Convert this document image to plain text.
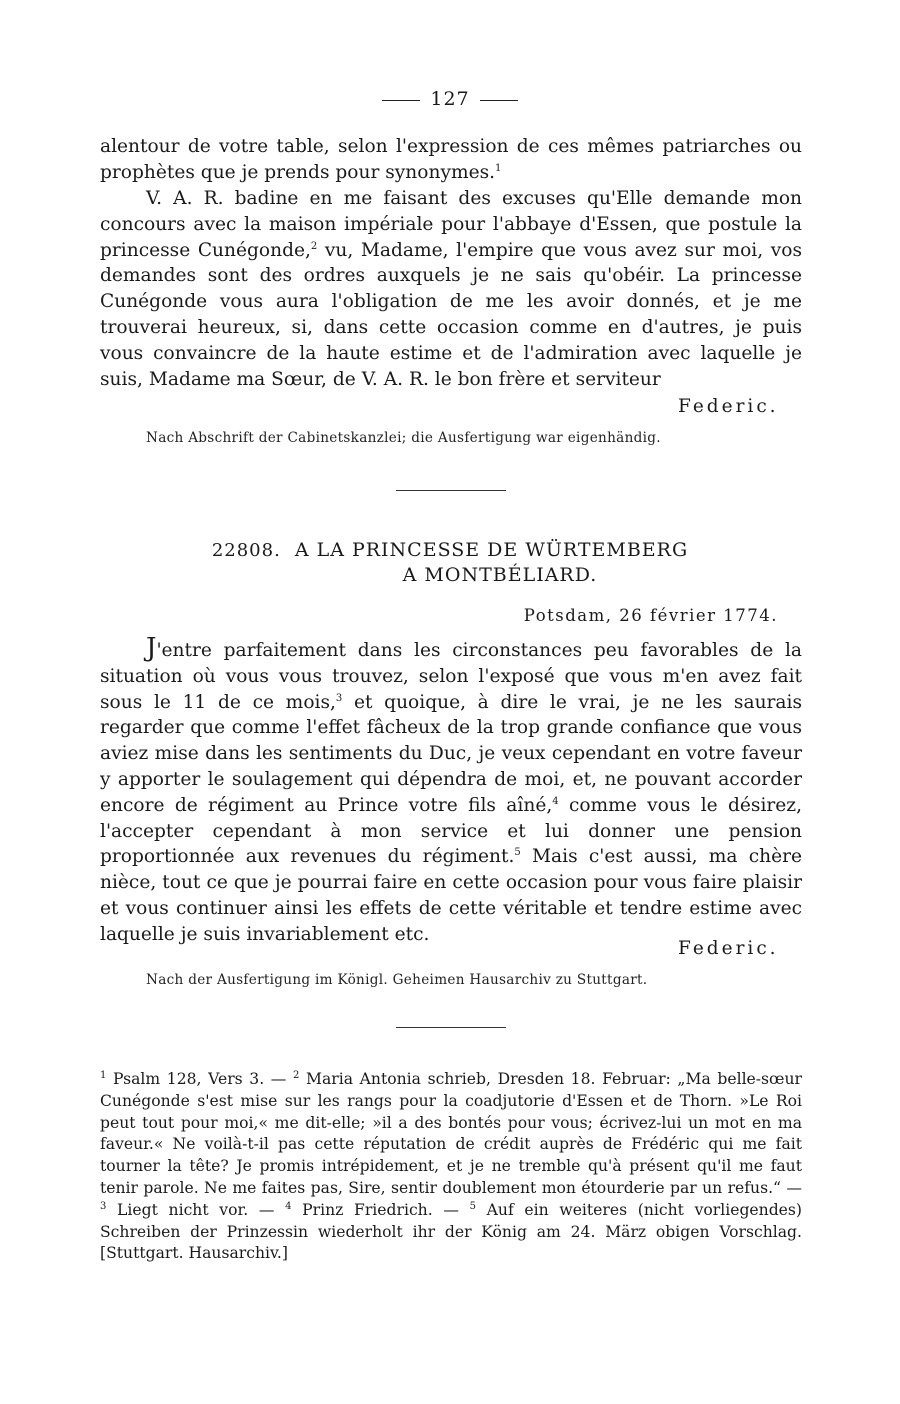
127

alentour de votre table, selon l'expression de ces mêmes patriarches ou prophètes que je prends pour synonymes.$^1$

V. A. R. badine en me faisant des excuses qu'Elle demande mon concours avec la maison impériale pour l'abbaye d'Essen, que postule la princesse Cunégonde,$^2$ vu, Madame, l'empire que vous avez sur moi, vos demandes sont des ordres auxquels je ne sais qu'obéir. La princesse Cunégonde vous aura l'obligation de me les avoir donnés, et je me trouverai heureux, si, dans cette occasion comme en d'autres, je puis vous convaincre de la haute estime et de l'admiration avec laquelle je suis, Madame ma Sœur, de V. A. R. le bon frère et serviteur

Federic.
Nach Abschrift der Cabinetskanzlei; die Ausfertigung war eigenhändig.
22808. A LA PRINCESSE DE WÜRTEMBERG
A MONTBÉLIARD.
Potsdam, 26 février 1774.

J'entre parfaitement dans les circonstances peu favorables de la situation où vous vous trouvez, selon l'exposé que vous m'en avez fait sous le 11 de ce mois,$^3$ et quoique, à dire le vrai, je ne les saurais regarder que comme l'effet fâcheux de la trop grande confiance que vous aviez mise dans les sentiments du Duc, je veux cependant en votre faveur y apporter le soulagement qui dépendra de moi, et, ne pouvant accorder encore de régiment au Prince votre fils aîné,$^4$ comme vous le désirez, l'accepter cependant à mon service et lui donner une pension proportionnée aux revenues du régiment.$^5$ Mais c'est aussi, ma chère nièce, tout ce que je pourrai faire en cette occasion pour vous faire plaisir et vous continuer ainsi les effets de cette véritable et tendre estime avec laquelle je suis invariablement etc.

Federic.
Nach der Ausfertigung im Königl. Geheimen Hausarchiv zu Stuttgart.

$^1$ Psalm 128, Vers 3. — $^2$ Maria Antonia schrieb, Dresden 18. Februar: „Ma belle-sœur Cunégonde s'est mise sur les rangs pour la coadjutorie d'Essen et de Thorn. »Le Roi peut tout pour moi,« me dit-elle; »il a des bontés pour vous; écrivez-lui un mot en ma faveur.« Ne voilà-t-il pas cette réputation de crédit auprès de Frédéric qui me fait tourner la tête? Je promis intrépidement, et je ne tremble qu'à présent qu'il me faut tenir parole. Ne me faites pas, Sire, sentir doublement mon étourderie par un refus.“ — $^3$ Liegt nicht vor. — $^4$ Prinz Friedrich. — $^5$ Auf ein weiteres (nicht vorliegendes) Schreiben der Prinzessin wiederholt ihr der König am 24. März obigen Vorschlag. [Stuttgart. Hausarchiv.]
